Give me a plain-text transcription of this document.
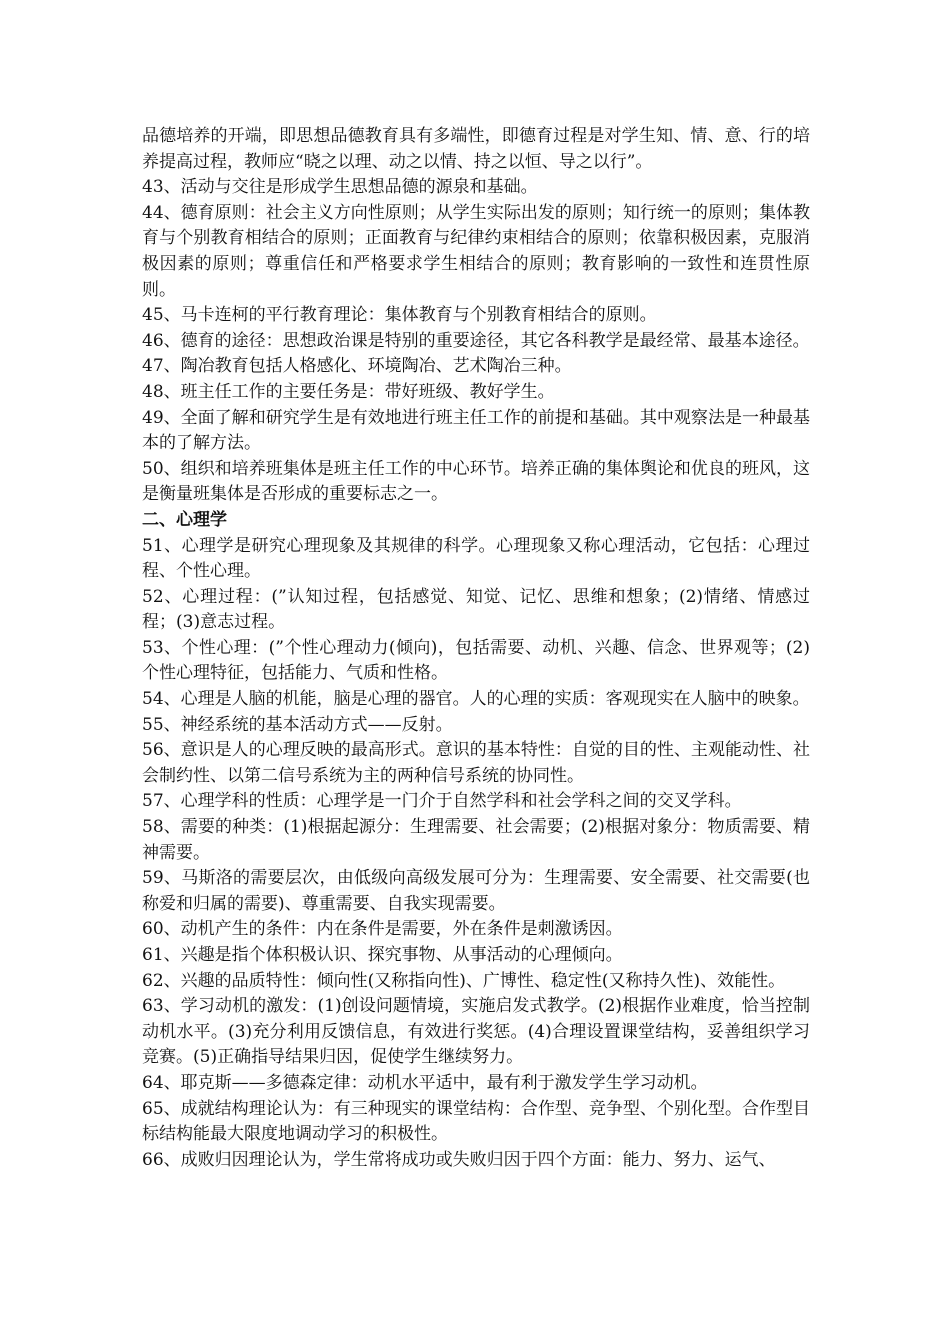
品德培养的开端，即思想品德教育具有多端性，即德育过程是对学生知、情、意、行的培养提高过程，教师应“晓之以理、动之以情、持之以恒、导之以行”。

43、活动与交往是形成学生思想品德的源泉和基础。

44、德育原则：社会主义方向性原则；从学生实际出发的原则；知行统一的原则；集体教育与个别教育相结合的原则；正面教育与纪律约束相结合的原则；依靠积极因素，克服消极因素的原则；尊重信任和严格要求学生相结合的原则；教育影响的一致性和连贯性原则。

45、马卡连柯的平行教育理论：集体教育与个别教育相结合的原则。

46、德育的途径：思想政治课是特别的重要途径，其它各科教学是最经常、最基本途径。

47、陶冶教育包括人格感化、环境陶冶、艺术陶冶三种。

48、班主任工作的主要任务是：带好班级、教好学生。

49、全面了解和研究学生是有效地进行班主任工作的前提和基础。其中观察法是一种最基本的了解方法。

50、组织和培养班集体是班主任工作的中心环节。培养正确的集体舆论和优良的班风，这是衡量班集体是否形成的重要标志之一。

二、心理学

51、心理学是研究心理现象及其规律的科学。心理现象又称心理活动，它包括：心理过程、个性心理。

52、心理过程：(”认知过程，包括感觉、知觉、记忆、思维和想象；(2)情绪、情感过程；(3)意志过程。

53、个性心理：(”个性心理动力(倾向)，包括需要、动机、兴趣、信念、世界观等；(2)个性心理特征，包括能力、气质和性格。

54、心理是人脑的机能，脑是心理的器官。人的心理的实质：客观现实在人脑中的映象。

55、神经系统的基本活动方式——反射。

56、意识是人的心理反映的最高形式。意识的基本特性：自觉的目的性、主观能动性、社会制约性、以第二信号系统为主的两种信号系统的协同性。

57、心理学科的性质：心理学是一门介于自然学科和社会学科之间的交叉学科。

58、需要的种类：(1)根据起源分：生理需要、社会需要；(2)根据对象分：物质需要、精神需要。

59、马斯洛的需要层次，由低级向高级发展可分为：生理需要、安全需要、社交需要(也称爱和归属的需要)、尊重需要、自我实现需要。

60、动机产生的条件：内在条件是需要，外在条件是刺激诱因。

61、兴趣是指个体积极认识、探究事物、从事活动的心理倾向。

62、兴趣的品质特性：倾向性(又称指向性)、广博性、稳定性(又称持久性)、效能性。

63、学习动机的激发：(1)创设问题情境，实施启发式教学。(2)根据作业难度，恰当控制动机水平。(3)充分利用反馈信息，有效进行奖惩。(4)合理设置课堂结构，妥善组织学习竞赛。(5)正确指导结果归因，促使学生继续努力。

64、耶克斯——多德森定律：动机水平适中，最有利于激发学生学习动机。

65、成就结构理论认为：有三种现实的课堂结构：合作型、竞争型、个别化型。合作型目标结构能最大限度地调动学习的积极性。

66、成败归因理论认为，学生常将成功或失败归因于四个方面：能力、努力、运气、
